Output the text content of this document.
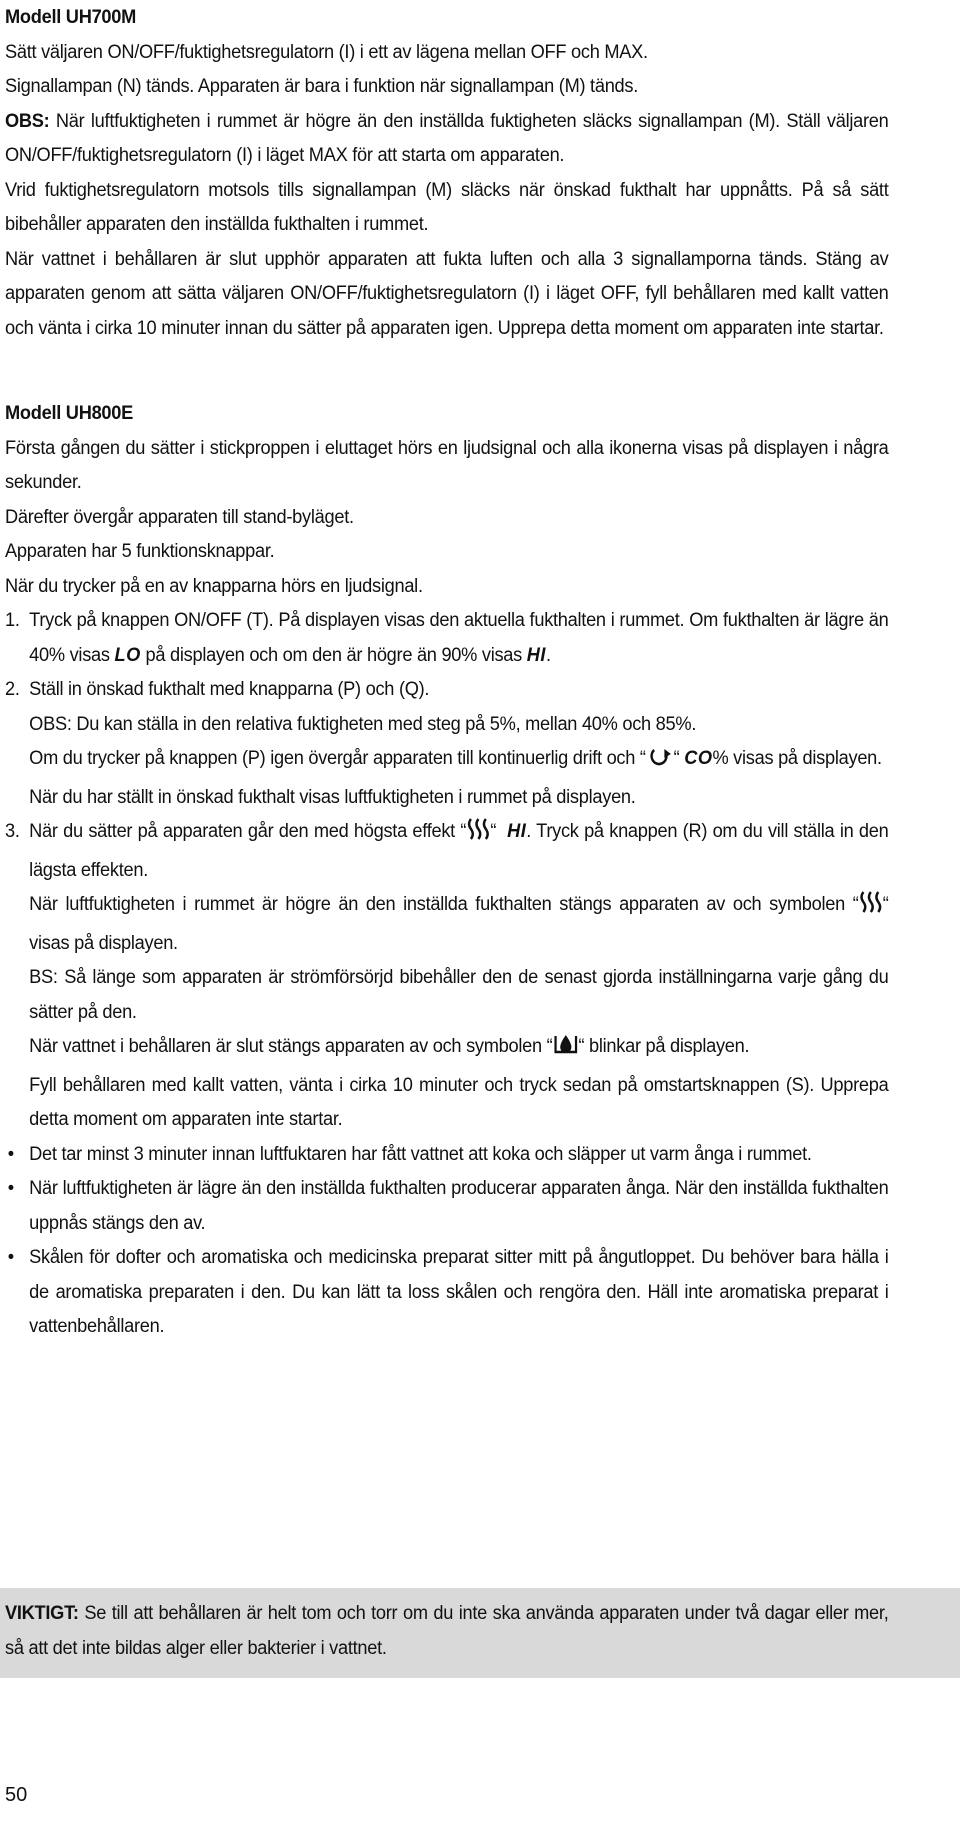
Modell UH700M

Sätt väljaren ON/OFF/fuktighetsregulatorn (I) i ett av lägena mellan OFF och MAX.

Signallampan (N) tänds. Apparaten är bara i funktion när signallampan (M) tänds.

OBS: När luftfuktigheten i rummet är högre än den inställda fuktigheten släcks signallampan (M). Ställ väljaren ON/OFF/fuktighetsregulatorn (I) i läget MAX för att starta om apparaten.

Vrid fuktighetsregulatorn motsols tills signallampan (M) släcks när önskad fukthalt har uppnåtts. På så sätt bibehåller apparaten den inställda fukthalten i rummet.

När vattnet i behållaren är slut upphör apparaten att fukta luften och alla 3 signallamporna tänds. Stäng av apparaten genom att sätta väljaren ON/OFF/fuktighetsregulatorn (I) i läget OFF, fyll behållaren med kallt vatten och vänta i cirka 10 minuter innan du sätter på apparaten igen. Upprepa detta moment om apparaten inte startar.

Modell UH800E

Första gången du sätter i stickproppen i eluttaget hörs en ljudsignal och alla ikonerna visas på displayen i några sekunder.

Därefter övergår apparaten till stand-byläget.

Apparaten har 5 funktionsknappar.

När du trycker på en av knapparna hörs en ljudsignal.

1. Tryck på knappen ON/OFF (T). På displayen visas den aktuella fukthalten i rummet. Om fukthalten är lägre än 40% visas LO på displayen och om den är högre än 90% visas HI.
2. Ställ in önskad fukthalt med knapparna (P) och (Q).

OBS: Du kan ställa in den relativa fuktigheten med steg på 5%, mellan 40% och 85%.

Om du trycker på knappen (P) igen övergår apparaten till kontinuerlig drift och “ “ CO% visas på displayen.

När du har ställt in önskad fukthalt visas luftfuktigheten i rummet på displayen.

3. När du sätter på apparaten går den med högsta effekt “ “  HI. Tryck på knappen (R) om du vill ställa in den lägsta effekten.

När luftfuktigheten i rummet är högre än den inställda fukthalten stängs apparaten av och symbolen “ “ visas på displayen.

BS: Så länge som apparaten är strömförsörjd bibehåller den de senast gjorda inställningarna varje gång du sätter på den.

När vattnet i behållaren är slut stängs apparaten av och symbolen “ “ blinkar på displayen.

Fyll behållaren med kallt vatten, vänta i cirka 10 minuter och tryck sedan på omstartsknappen (S). Upprepa detta moment om apparaten inte startar.

• Det tar minst 3 minuter innan luftfuktaren har fått vattnet att koka och släpper ut varm ånga i rummet.
• När luftfuktigheten är lägre än den inställda fukthalten producerar apparaten ånga. När den inställda fukthalten uppnås stängs den av.
• Skålen för dofter och aromatiska och medicinska preparat sitter mitt på ångutloppet. Du behöver bara hälla i de aromatiska preparaten i den. Du kan lätt ta loss skålen och rengöra den. Häll inte aromatiska preparat i vattenbehållaren.
VIKTIGT: Se till att behållaren är helt tom och torr om du inte ska använda apparaten under två dagar eller mer, så att det inte bildas alger eller bakterier i vattnet.
50
